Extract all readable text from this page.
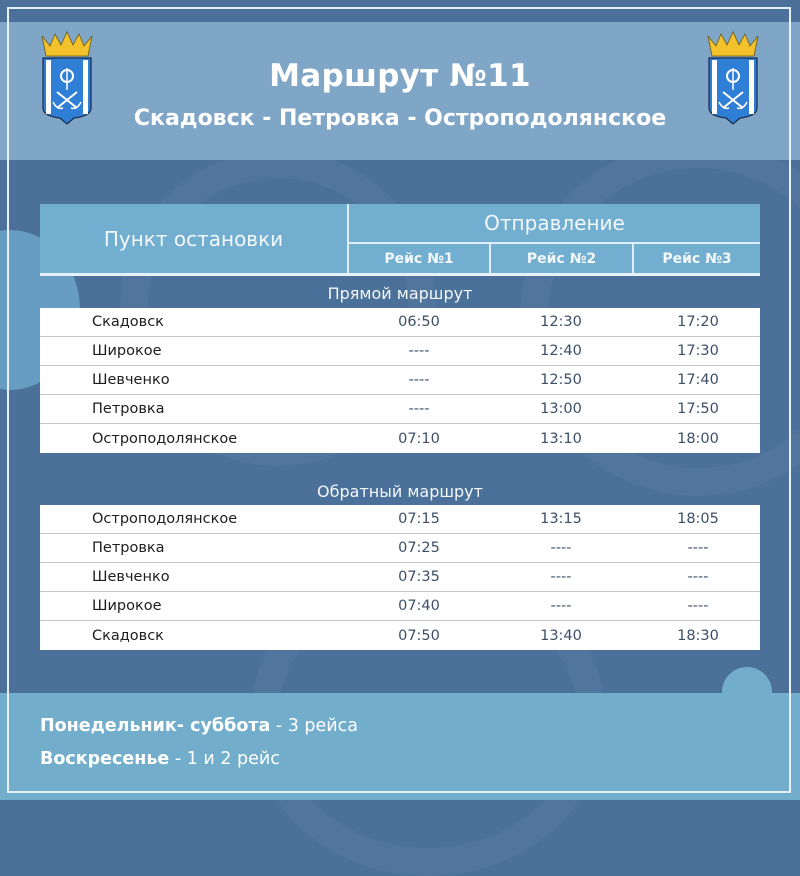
Маршрут №11
Скадовск - Петровка - Остроподолянское
Пункт остановки
Отправление
Рейс №1	Рейс №2	Рейс №3
Прямой маршрут
Скадовск	06:50	12:30	17:20
Широкое	----	12:40	17:30
Шевченко	----	12:50	17:40
Петровка	----	13:00	17:50
Остроподолянское	07:10	13:10	18:00
Обратный маршрут
Остроподолянское	07:15	13:15	18:05
Петровка	07:25	----	----
Шевченко	07:35	----	----
Широкое	07:40	----	----
Скадовск	07:50	13:40	18:30
Понедельник- суббота - 3 рейса
Воскресенье - 1 и 2 рейс
